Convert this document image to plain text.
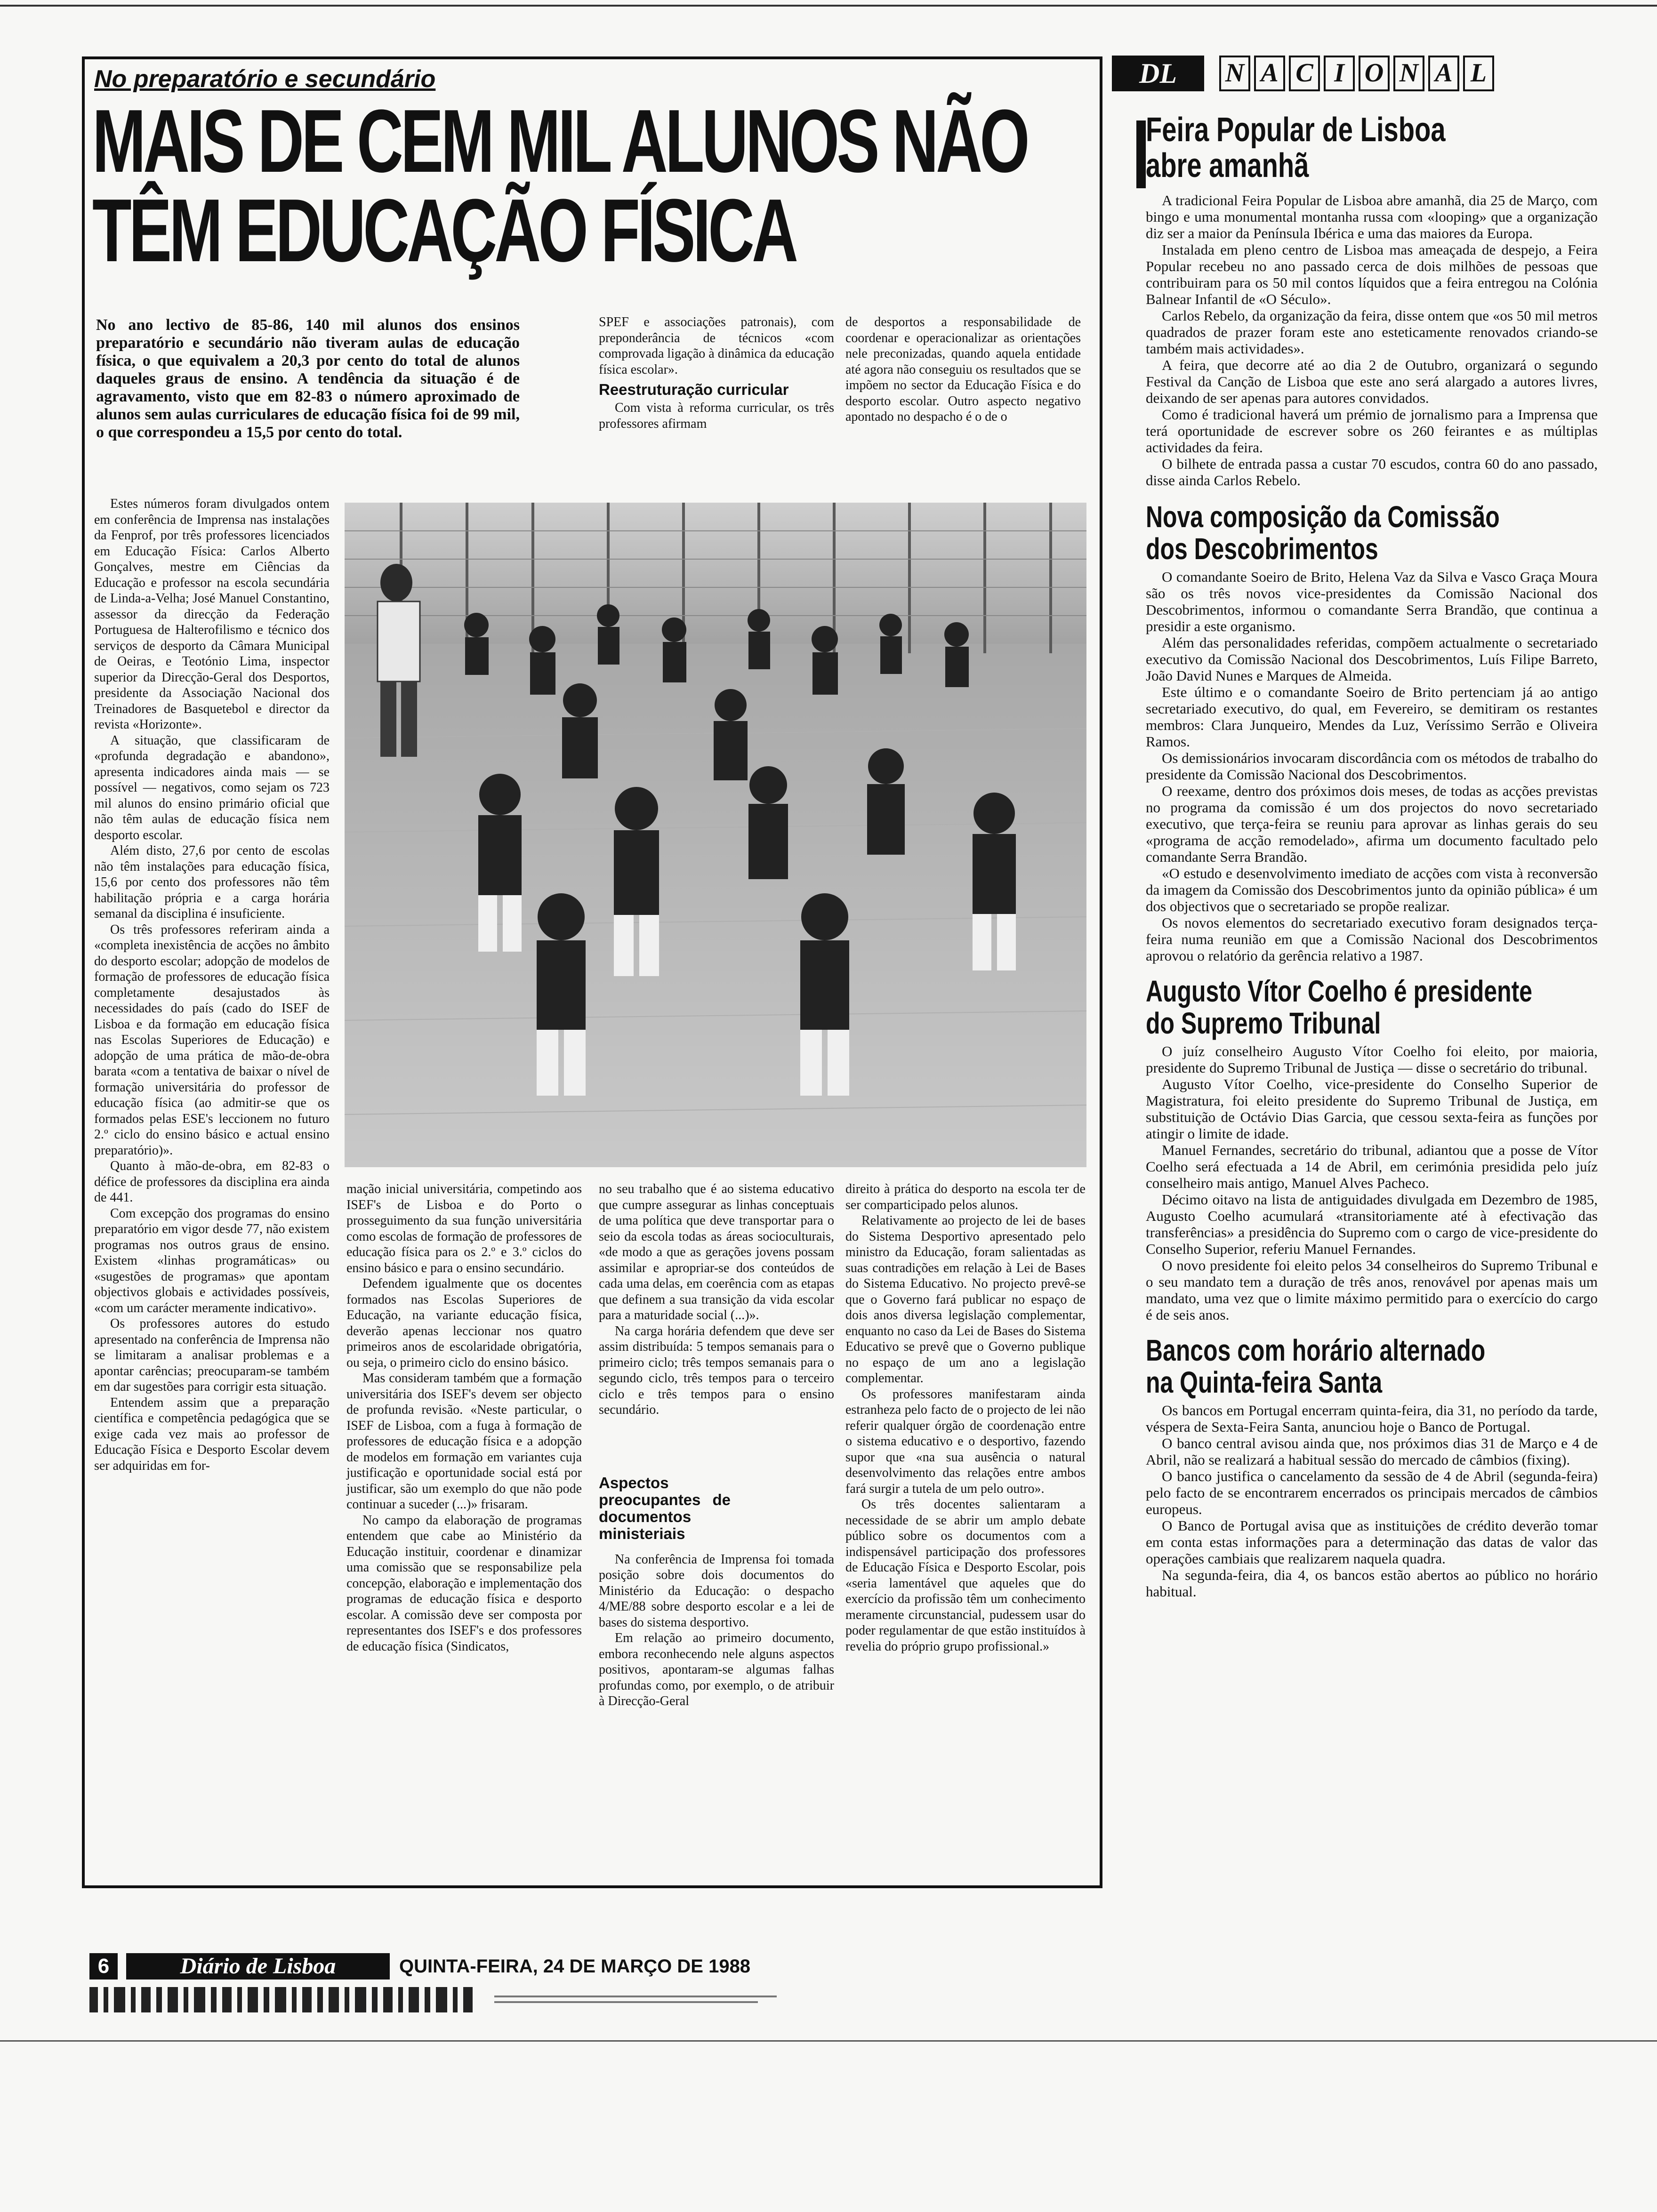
No preparatório e secundário
MAIS DE CEM MIL ALUNOS NÃO
TÊM EDUCAÇÃO FÍSICA
No ano lectivo de 85-86, 140 mil alunos dos ensinos preparatório e secundário não tiveram aulas de educação física, o que equivalem a 20,3 por cento do total de alunos daqueles graus de ensino. A tendência da situação é de agravamento, visto que em 82-83 o número aproximado de alunos sem aulas curriculares de educação física foi de 99 mil, o que correspondeu a 15,5 por cento do total.

SPEF e associações patronais), com preponderância de técnicos «com comprovada ligação à dinâmica da educação física escolar».

Reestruturação curricular

Com vista à reforma curricular, os três professores afirmam

de desportos a responsabilidade de coordenar e operacionalizar as orientações nele preconizadas, quando aquela entidade até agora não conseguiu os resultados que se impõem no sector da Educação Física e do desporto escolar. Outro aspecto negativo apontado no despacho é o de o

Estes números foram divulgados ontem em conferência de Imprensa nas instalações da Fenprof, por três professores licenciados em Educação Física: Carlos Alberto Gonçalves, mestre em Ciências da Educação e professor na escola secundária de Linda-a-Velha; José Manuel Constantino, assessor da direcção da Federação Portuguesa de Halterofilismo e técnico dos serviços de desporto da Câmara Municipal de Oeiras, e Teotónio Lima, inspector superior da Direcção-Geral dos Desportos, presidente da Associação Nacional dos Treinadores de Basquetebol e director da revista «Horizonte».

A situação, que classificaram de «profunda degradação e abandono», apresenta indicadores ainda mais — se possível — negativos, como sejam os 723 mil alunos do ensino primário oficial que não têm aulas de educação física nem desporto escolar.

Além disto, 27,6 por cento de escolas não têm instalações para educação física, 15,6 por cento dos professores não têm habilitação própria e a carga horária semanal da disciplina é insuficiente.

Os três professores referiram ainda a «completa inexistência de acções no âmbito do desporto escolar; adopção de modelos de formação de professores de educação física completamente desajustados às necessidades do país (cado do ISEF de Lisboa e da formação em educação física nas Escolas Superiores de Educação) e adopção de uma prática de mão-de-obra barata «com a tentativa de baixar o nível de formação universitária do professor de educação física (ao admitir-se que os formados pelas ESE's leccionem no futuro 2.º ciclo do ensino básico e actual ensino preparatório)».

Quanto à mão-de-obra, em 82-83 o défice de professores da disciplina era ainda de 441.

Com excepção dos programas do ensino preparatório em vigor desde 77, não existem programas nos outros graus de ensino. Existem «linhas programáticas» ou «sugestões de programas» que apontam objectivos globais e actividades possíveis, «com um carácter meramente indicativo».

Os professores autores do estudo apresentado na conferência de Imprensa não se limitaram a analisar problemas e a apontar carências; preocuparam-se também em dar sugestões para corrigir esta situação.

Entendem assim que a preparação científica e competência pedagógica que se exige cada vez mais ao professor de Educação Física e Desporto Escolar devem ser adquiridas em for-

mação inicial universitária, competindo aos ISEF's de Lisboa e do Porto o prosseguimento da sua função universitária como escolas de formação de professores de educação física para os 2.º e 3.º ciclos do ensino básico e para o ensino secundário.

Defendem igualmente que os docentes formados nas Escolas Superiores de Educação, na variante educação física, deverão apenas leccionar nos quatro primeiros anos de escolaridade obrigatória, ou seja, o primeiro ciclo do ensino básico.

Mas consideram também que a formação universitária dos ISEF's devem ser objecto de profunda revisão. «Neste particular, o ISEF de Lisboa, com a fuga à formação de professores de educação física e a adopção de modelos em formação em variantes cuja justificação e oportunidade social está por justificar, são um exemplo do que não pode continuar a suceder (...)» frisaram.

No campo da elaboração de programas entendem que cabe ao Ministério da Educação instituir, coordenar e dinamizar uma comissão que se responsabilize pela concepção, elaboração e implementação dos programas de educação física e desporto escolar. A comissão deve ser composta por representantes dos ISEF's e dos professores de educação física (Sindicatos,

no seu trabalho que é ao sistema educativo que cumpre assegurar as linhas conceptuais de uma política que deve transportar para o seio da escola todas as áreas socioculturais, «de modo a que as gerações jovens possam assimilar e apropriar-se dos conteúdos de cada uma delas, em coerência com as etapas que definem a sua transição da vida escolar para a maturidade social (...)».

Na carga horária defendem que deve ser assim distribuída: 5 tempos semanais para o primeiro ciclo; três tempos semanais para o segundo ciclo, três tempos para o terceiro ciclo e três tempos para o ensino secundário.

Aspectos preocupantes de documentos ministeriais

Na conferência de Imprensa foi tomada posição sobre dois documentos do Ministério da Educação: o despacho 4/ME/88 sobre desporto escolar e a lei de bases do sistema desportivo.

Em relação ao primeiro documento, embora reconhecendo nele alguns aspectos positivos, apontaram-se algumas falhas profundas como, por exemplo, o de atribuir à Direcção-Geral

direito à prática do desporto na escola ter de ser comparticipado pelos alunos.

Relativamente ao projecto de lei de bases do Sistema Desportivo apresentado pelo ministro da Educação, foram salientadas as suas contradições em relação à Lei de Bases do Sistema Educativo. No projecto prevê-se que o Governo fará publicar no espaço de dois anos diversa legislação complementar, enquanto no caso da Lei de Bases do Sistema Educativo se prevê que o Governo publique no espaço de um ano a legislação complementar.

Os professores manifestaram ainda estranheza pelo facto de o projecto de lei não referir qualquer órgão de coordenação entre o sistema educativo e o desportivo, fazendo supor que «na sua ausência o natural desenvolvimento das relações entre ambos fará surgir a tutela de um pelo outro».

Os três docentes salientaram a necessidade de se abrir um amplo debate público sobre os documentos com a indispensável participação dos professores de Educação Física e Desporto Escolar, pois «seria lamentável que aqueles que do exercício da profissão têm um conhecimento meramente circunstancial, pudessem usar do poder regulamentar de que estão instituídos à revelia do próprio grupo profissional.»

DL N A C I O N A L
Feira Popular de Lisboa
abre amanhã

A tradicional Feira Popular de Lisboa abre amanhã, dia 25 de Março, com bingo e uma monumental montanha russa com «looping» que a organização diz ser a maior da Península Ibérica e uma das maiores da Europa.

Instalada em pleno centro de Lisboa mas ameaçada de despejo, a Feira Popular recebeu no ano passado cerca de dois milhões de pessoas que contribuiram para os 50 mil contos líquidos que a feira entregou na Colónia Balnear Infantil de «O Século».

Carlos Rebelo, da organização da feira, disse ontem que «os 50 mil metros quadrados de prazer foram este ano esteticamente renovados criando-se também mais actividades».

A feira, que decorre até ao dia 2 de Outubro, organizará o segundo Festival da Canção de Lisboa que este ano será alargado a autores livres, deixando de ser apenas para autores convidados.

Como é tradicional haverá um prémio de jornalismo para a Imprensa que terá oportunidade de escrever sobre os 260 feirantes e as múltiplas actividades da feira.

O bilhete de entrada passa a custar 70 escudos, contra 60 do ano passado, disse ainda Carlos Rebelo.

Nova composição da Comissão
dos Descobrimentos

O comandante Soeiro de Brito, Helena Vaz da Silva e Vasco Graça Moura são os três novos vice-presidentes da Comissão Nacional dos Descobrimentos, informou o comandante Serra Brandão, que continua a presidir a este organismo.

Além das personalidades referidas, compõem actualmente o secretariado executivo da Comissão Nacional dos Descobrimentos, Luís Filipe Barreto, João David Nunes e Marques de Almeida.

Este último e o comandante Soeiro de Brito pertenciam já ao antigo secretariado executivo, do qual, em Fevereiro, se demitiram os restantes membros: Clara Junqueiro, Mendes da Luz, Veríssimo Serrão e Oliveira Ramos.

Os demissionários invocaram discordância com os métodos de trabalho do presidente da Comissão Nacional dos Descobrimentos.

O reexame, dentro dos próximos dois meses, de todas as acções previstas no programa da comissão é um dos projectos do novo secretariado executivo, que terça-feira se reuniu para aprovar as linhas gerais do seu «programa de acção remodelado», afirma um documento facultado pelo comandante Serra Brandão.

«O estudo e desenvolvimento imediato de acções com vista à reconversão da imagem da Comissão dos Descobrimentos junto da opinião pública» é um dos objectivos que o secretariado se propõe realizar.

Os novos elementos do secretariado executivo foram designados terça-feira numa reunião em que a Comissão Nacional dos Descobrimentos aprovou o relatório da gerência relativo a 1987.

Augusto Vítor Coelho é presidente
do Supremo Tribunal

O juíz conselheiro Augusto Vítor Coelho foi eleito, por maioria, presidente do Supremo Tribunal de Justiça — disse o secretário do tribunal.

Augusto Vítor Coelho, vice-presidente do Conselho Superior de Magistratura, foi eleito presidente do Supremo Tribunal de Justiça, em substituição de Octávio Dias Garcia, que cessou sexta-feira as funções por atingir o limite de idade.

Manuel Fernandes, secretário do tribunal, adiantou que a posse de Vítor Coelho será efectuada a 14 de Abril, em cerimónia presidida pelo juíz conselheiro mais antigo, Manuel Alves Pacheco.

Décimo oitavo na lista de antiguidades divulgada em Dezembro de 1985, Augusto Coelho acumulará «transitoriamente até à efectivação das transferências» a presidência do Supremo com o cargo de vice-presidente do Conselho Superior, referiu Manuel Fernandes.

O novo presidente foi eleito pelos 34 conselheiros do Supremo Tribunal e o seu mandato tem a duração de três anos, renovável por apenas mais um mandato, uma vez que o limite máximo permitido para o exercício do cargo é de seis anos.

Bancos com horário alternado
na Quinta-feira Santa

Os bancos em Portugal encerram quinta-feira, dia 31, no período da tarde, véspera de Sexta-Feira Santa, anunciou hoje o Banco de Portugal.

O banco central avisou ainda que, nos próximos dias 31 de Março e 4 de Abril, não se realizará a habitual sessão do mercado de câmbios (fixing).

O banco justifica o cancelamento da sessão de 4 de Abril (segunda-feira) pelo facto de se encontrarem encerrados os principais mercados de câmbios europeus.

O Banco de Portugal avisa que as instituições de crédito deverão tomar em conta estas informações para a determinação das datas de valor das operações cambiais que realizarem naquela quadra.

Na segunda-feira, dia 4, os bancos estão abertos ao público no horário habitual.

6	Diário de Lisboa	QUINTA-FEIRA, 24 DE MARÇO DE 1988
